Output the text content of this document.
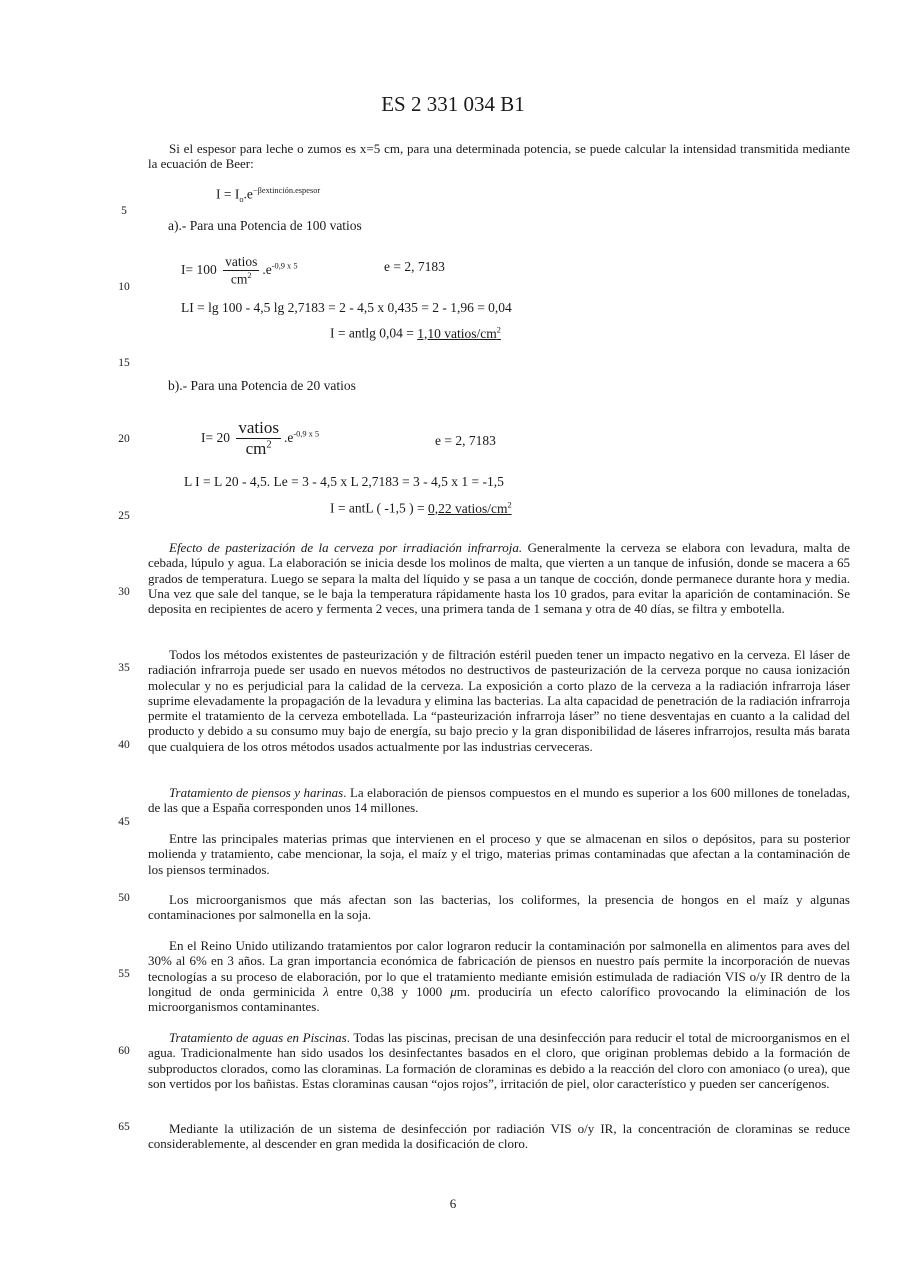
ES 2 331 034 B1
Si el espesor para leche o zumos es x=5 cm, para una determinada potencia, se puede calcular la intensidad transmitida mediante la ecuación de Beer:
$I = I_o.e^{-\beta extinción.espesor}$
a).- Para una Potencia de 100 vatios
$I= 100 \frac{\text{vatios}}{cm^2} .e^{-0,9 x 5}$	e = 2, 7183
LI = lg 100 - 4,5 lg 2,7183 = 2 - 4,5 x 0,435 = 2 - 1,96 = 0,04
I = antlg 0,04 = 1,10 vatios/$cm^2$
b).- Para una Potencia de 20 vatios
$I= 20 \frac{\text{vatios}}{cm^2} .e^{-0,9 x 5}$	e = 2, 7183
L I = L 20 - 4,5. Le = 3 - 4,5 x L 2,7183 = 3 - 4,5 x 1 = -1,5
I = antL ( -1,5 ) = 0,22 vatios/$cm^2$
5
10
15
20
25
30
35
40
45
50
55
60
65
Efecto de pasterización de la cerveza por irradiación infrarroja. Generalmente la cerveza se elabora con levadura, malta de cebada, lúpulo y agua. La elaboración se inicia desde los molinos de malta, que vierten a un tanque de infusión, donde se macera a 65 grados de temperatura. Luego se separa la malta del líquido y se pasa a un tanque de cocción, donde permanece durante hora y media. Una vez que sale del tanque, se le baja la temperatura rápidamente hasta los 10 grados, para evitar la aparición de contaminación. Se deposita en recipientes de acero y fermenta 2 veces, una primera tanda de 1 semana y otra de 40 días, se filtra y embotella.
Todos los métodos existentes de pasteurización y de filtración estéril pueden tener un impacto negativo en la cerveza. El láser de radiación infrarroja puede ser usado en nuevos métodos no destructivos de pasteurización de la cerveza porque no causa ionización molecular y no es perjudicial para la calidad de la cerveza. La exposición a corto plazo de la cerveza a la radiación infrarroja láser suprime elevadamente la propagación de la levadura y elimina las bacterias. La alta capacidad de penetración de la radiación infrarroja permite el tratamiento de la cerveza embotellada. La “pasteurización infrarroja láser” no tiene desventajas en cuanto a la calidad del producto y debido a su consumo muy bajo de energía, su bajo precio y la gran disponibilidad de láseres infrarrojos, resulta más barata que cualquiera de los otros métodos usados actualmente por las industrias cerveceras.
Tratamiento de piensos y harinas. La elaboración de piensos compuestos en el mundo es superior a los 600 millones de toneladas, de las que a España corresponden unos 14 millones.
Entre las principales materias primas que intervienen en el proceso y que se almacenan en silos o depósitos, para su posterior molienda y tratamiento, cabe mencionar, la soja, el maíz y el trigo, materias primas contaminadas que afectan a la contaminación de los piensos terminados.
Los microorganismos que más afectan son las bacterias, los coliformes, la presencia de hongos en el maíz y algunas contaminaciones por salmonella en la soja.
En el Reino Unido utilizando tratamientos por calor lograron reducir la contaminación por salmonella en alimentos para aves del 30% al 6% en 3 años. La gran importancia económica de fabricación de piensos en nuestro país permite la incorporación de nuevas tecnologías a su proceso de elaboración, por lo que el tratamiento mediante emisión estimulada de radiación VIS o/y IR dentro de la longitud de onda germinicida λ entre 0,38 y 1000 μm. produciría un efecto calorífico provocando la eliminación de los microorganismos contaminantes.
Tratamiento de aguas en Piscinas. Todas las piscinas, precisan de una desinfección para reducir el total de microorganismos en el agua. Tradicionalmente han sido usados los desinfectantes basados en el cloro, que originan problemas debido a la formación de subproductos clorados, como las cloraminas. La formación de cloraminas es debido a la reacción del cloro con amoniaco (o urea), que son vertidos por los bañistas. Estas cloraminas causan “ojos rojos”, irritación de piel, olor característico y pueden ser cancerígenos.
Mediante la utilización de un sistema de desinfección por radiación VIS o/y IR, la concentración de cloraminas se reduce considerablemente, al descender en gran medida la dosificación de cloro.
6
